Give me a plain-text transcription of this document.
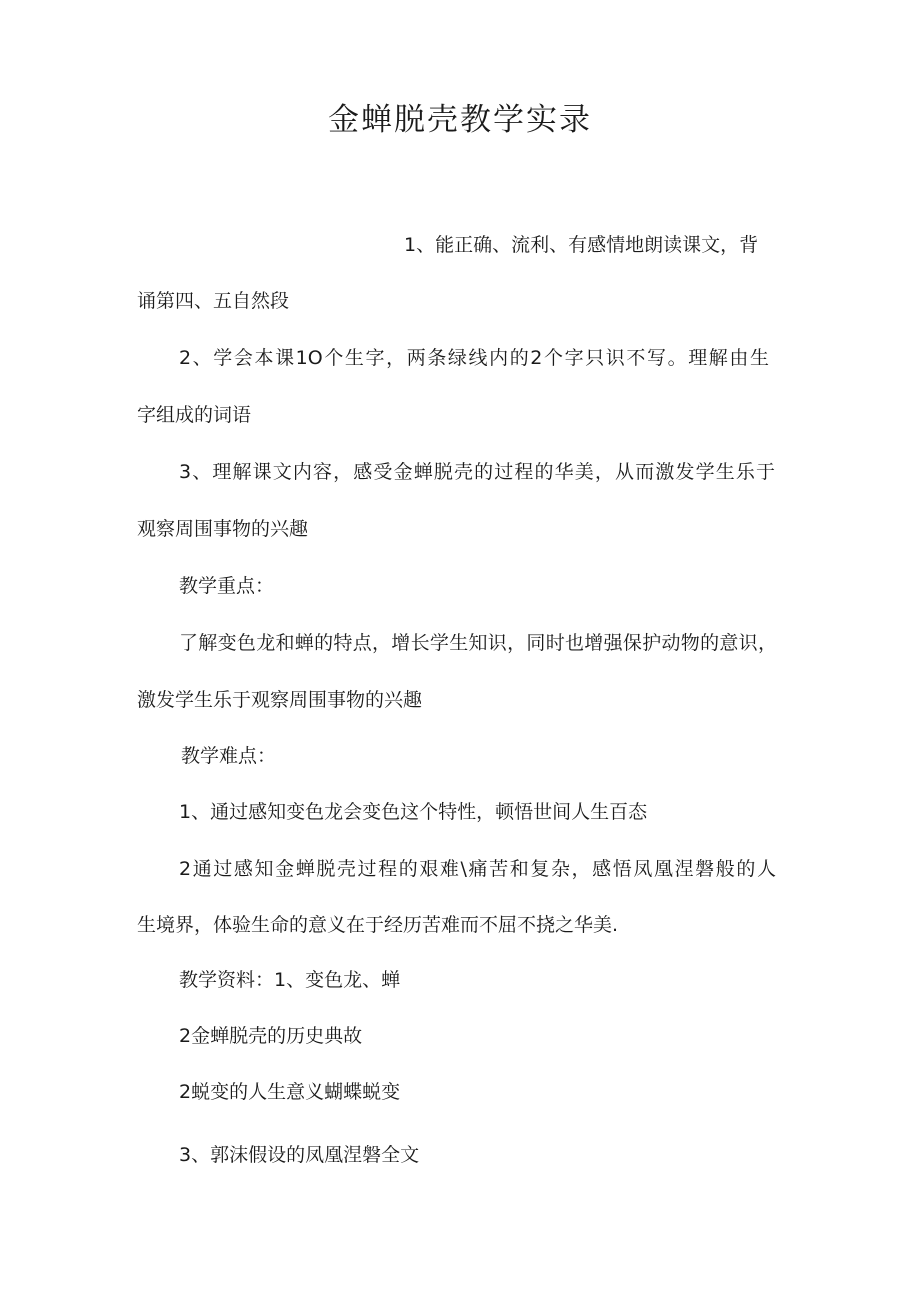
金蝉脱壳教学实录
1、能正确、流利、有感情地朗读课文，背
诵第四、五自然段
2、学会本课1O个生字，两条绿线内的2个字只识不写。理解由生
字组成的词语
3、理解课文内容，感受金蝉脱壳的过程的华美，从而激发学生乐于
观察周围事物的兴趣
教学重点：
了解变色龙和蝉的特点，增长学生知识，同时也增强保护动物的意识，
激发学生乐于观察周围事物的兴趣
教学难点：
1、通过感知变色龙会变色这个特性，顿悟世间人生百态
2通过感知金蝉脱壳过程的艰难\痛苦和复杂，感悟凤凰涅磐般的人
生境界，体验生命的意义在于经历苦难而不屈不挠之华美.
教学资料：1、变色龙、蝉
2金蝉脱壳的历史典故
2蜕变的人生意义蝴蝶蜕变
3、郭沫假设的凤凰涅磐全文
